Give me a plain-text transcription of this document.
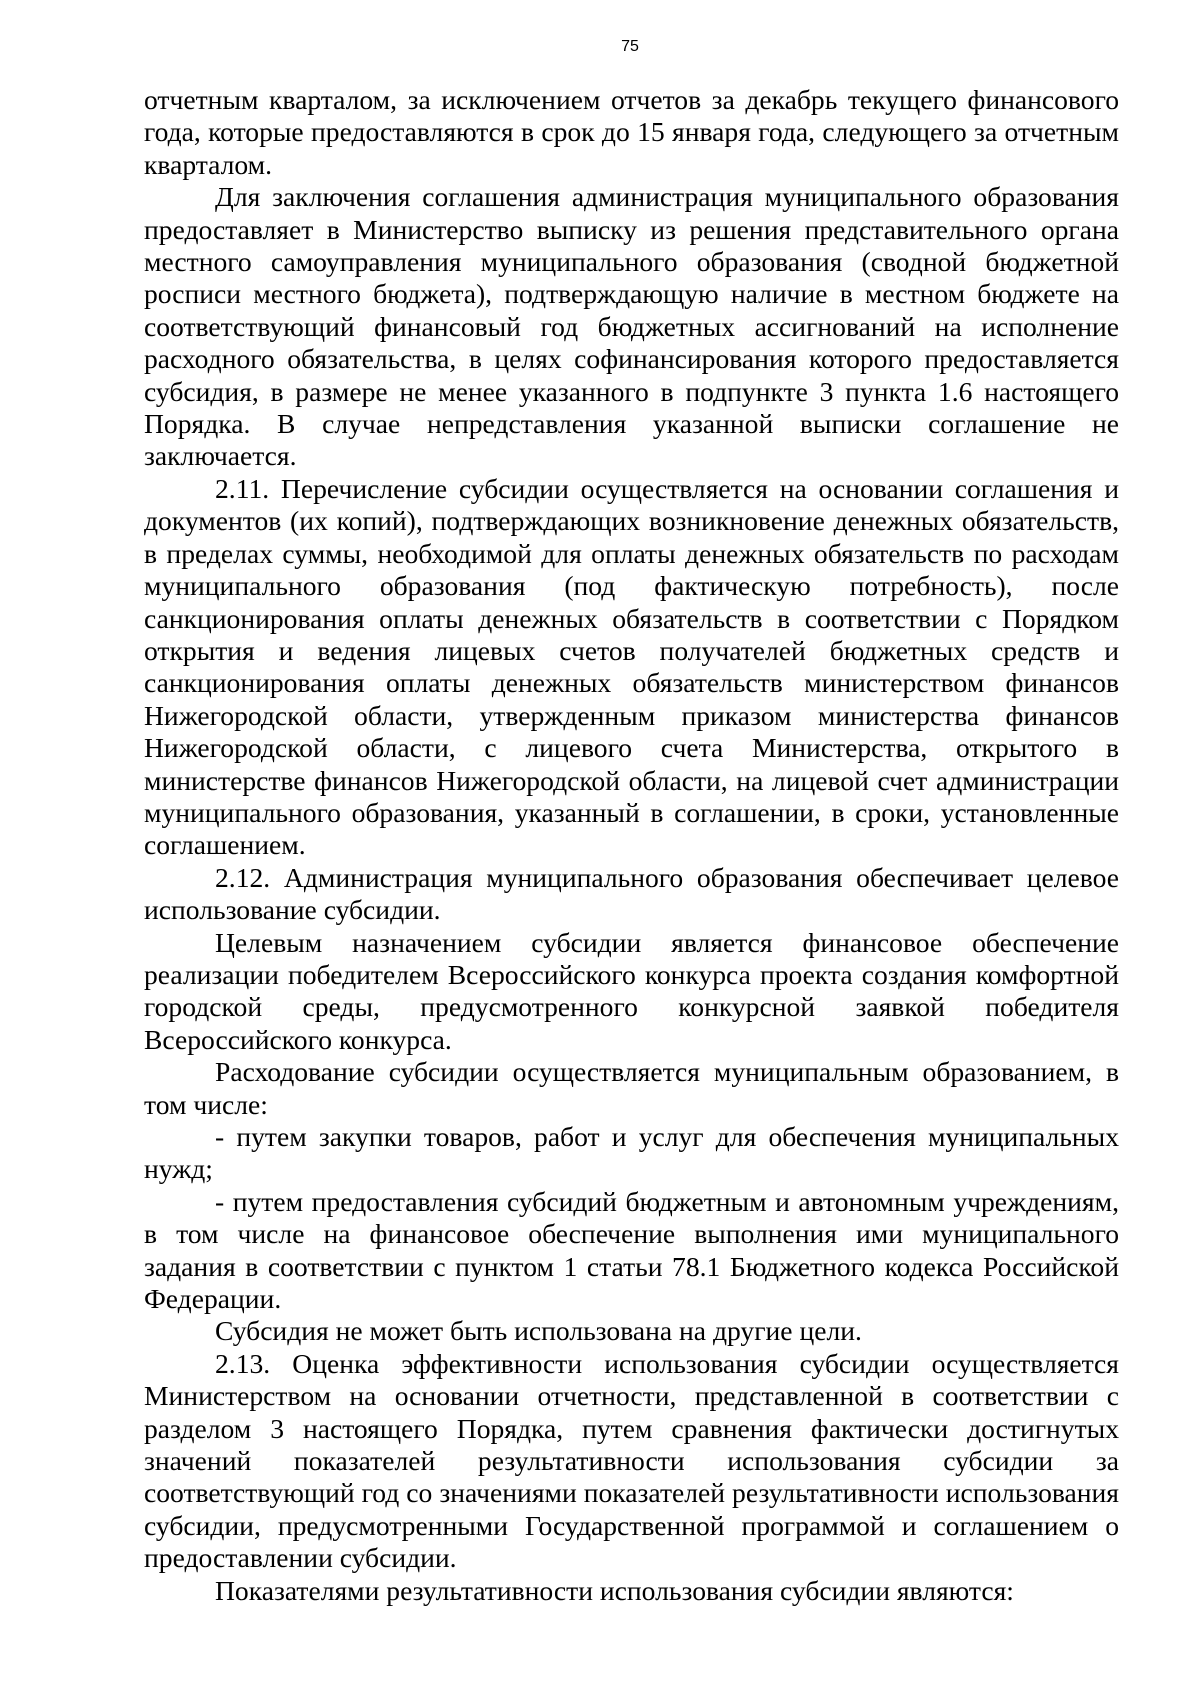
75

отчетным кварталом, за исключением отчетов за декабрь текущего финансового года, которые предоставляются в срок до 15 января года, следующего за отчетным кварталом.

Для заключения соглашения администрация муниципального образования предоставляет в Министерство выписку из решения представительного органа местного самоуправления муниципального образования (сводной бюджетной росписи местного бюджета), подтверждающую наличие в местном бюджете на соответствующий финансовый год бюджетных ассигнований на исполнение расходного обязательства, в целях софинансирования которого предоставляется субсидия, в размере не менее указанного в подпункте 3 пункта 1.6 настоящего Порядка. В случае непредставления указанной выписки соглашение не заключается.

2.11. Перечисление субсидии осуществляется на основании соглашения и документов (их копий), подтверждающих возникновение денежных обязательств, в пределах суммы, необходимой для оплаты денежных обязательств по расходам муниципального образования (под фактическую потребность), после санкционирования оплаты денежных обязательств в соответствии с Порядком открытия и ведения лицевых счетов получателей бюджетных средств и санкционирования оплаты денежных обязательств министерством финансов Нижегородской области, утвержденным приказом министерства финансов Нижегородской области, с лицевого счета Министерства, открытого в министерстве финансов Нижегородской области, на лицевой счет администрации муниципального образования, указанный в соглашении, в сроки, установленные соглашением.

2.12. Администрация муниципального образования обеспечивает целевое использование субсидии.

Целевым назначением субсидии является финансовое обеспечение реализации победителем Всероссийского конкурса проекта создания комфортной городской среды, предусмотренного конкурсной заявкой победителя Всероссийского конкурса.

Расходование субсидии осуществляется муниципальным образованием, в том числе:

- путем закупки товаров, работ и услуг для обеспечения муниципальных нужд;

- путем предоставления субсидий бюджетным и автономным учреждениям, в том числе на финансовое обеспечение выполнения ими муниципального задания в соответствии с пунктом 1 статьи 78.1 Бюджетного кодекса Российской Федерации.

Субсидия не может быть использована на другие цели.

2.13. Оценка эффективности использования субсидии осуществляется Министерством на основании отчетности, представленной в соответствии с разделом 3 настоящего Порядка, путем сравнения фактически достигнутых значений показателей результативности использования субсидии за соответствующий год со значениями показателей результативности использования субсидии, предусмотренными Государственной программой и соглашением о предоставлении субсидии.

Показателями результативности использования субсидии являются:
